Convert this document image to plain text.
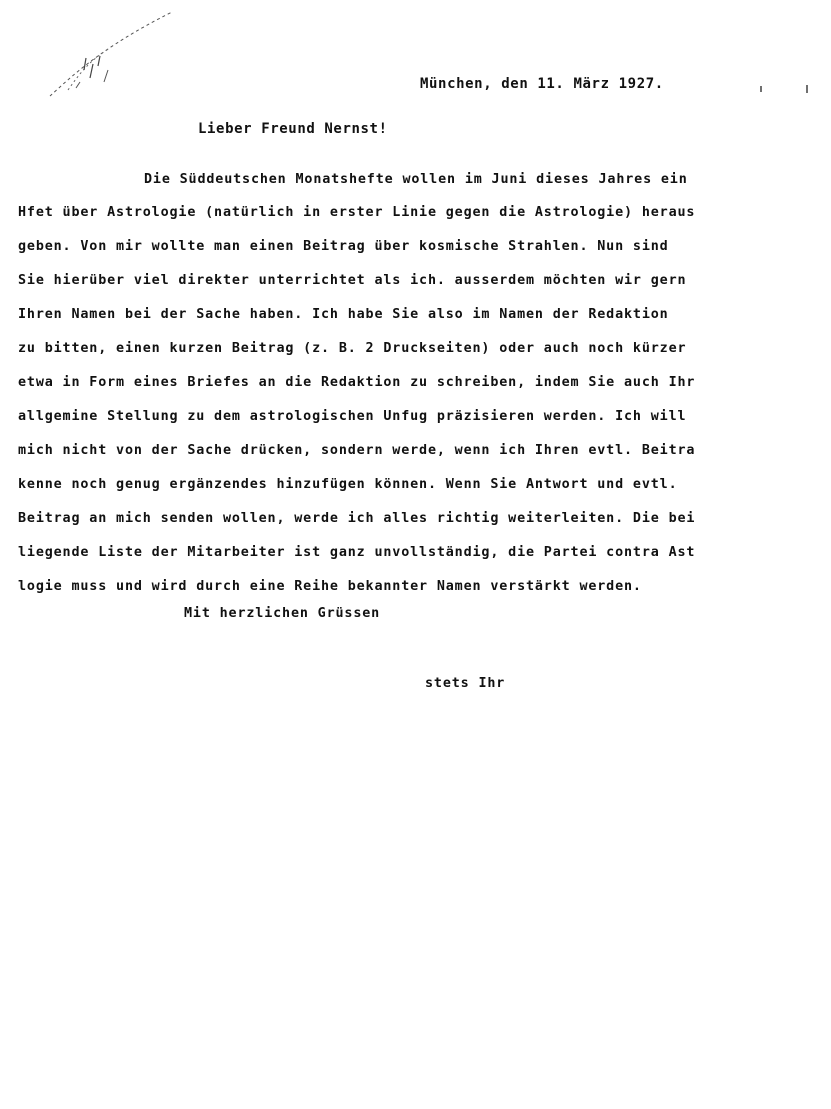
München, den 11. März 1927.
Lieber Freund Nernst!
Die Süddeutschen Monatshefte wollen im Juni dieses Jahres ein
Hfet über Astrologie (natürlich in erster Linie gegen die Astrologie) heraus
geben. Von mir wollte man einen Beitrag über kosmische Strahlen. Nun sind
Sie hierüber viel direkter unterrichtet als ich. ausserdem möchten wir gern
Ihren Namen bei der Sache haben. Ich habe Sie also im Namen der Redaktion
zu bitten, einen kurzen Beitrag (z. B. 2 Druckseiten) oder auch noch kürzer
etwa in Form eines Briefes an die Redaktion zu schreiben, indem Sie auch Ihr
allgemine Stellung zu dem astrologischen Unfug präzisieren werden. Ich will
mich nicht von der Sache drücken, sondern werde, wenn ich Ihren evtl. Beitra
kenne noch genug ergänzendes hinzufügen können. Wenn Sie Antwort und evtl.
Beitrag an mich senden wollen, werde ich alles richtig weiterleiten. Die bei
liegende Liste der Mitarbeiter ist ganz unvollständig, die Partei contra Ast
logie muss und wird durch eine Reihe bekannter Namen verstärkt werden.
Mit herzlichen Grüssen
stets Ihr
